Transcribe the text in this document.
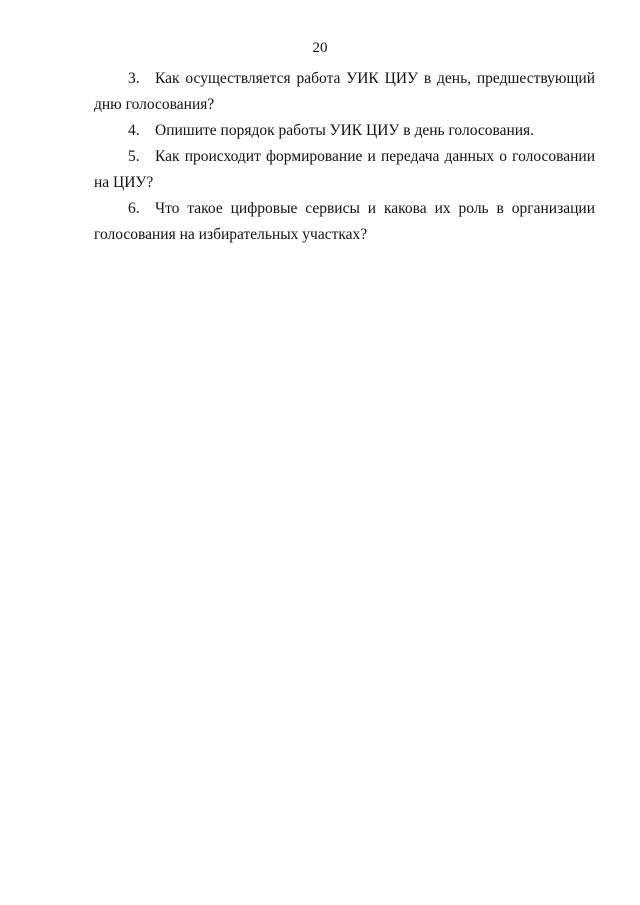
20

3. Как осуществляется работа УИК ЦИУ в день, предшествующий дню голосования?

4. Опишите порядок работы УИК ЦИУ в день голосования.

5. Как происходит формирование и передача данных о голосовании на ЦИУ?

6. Что такое цифровые сервисы и какова их роль в организации голосования на избирательных участках?
